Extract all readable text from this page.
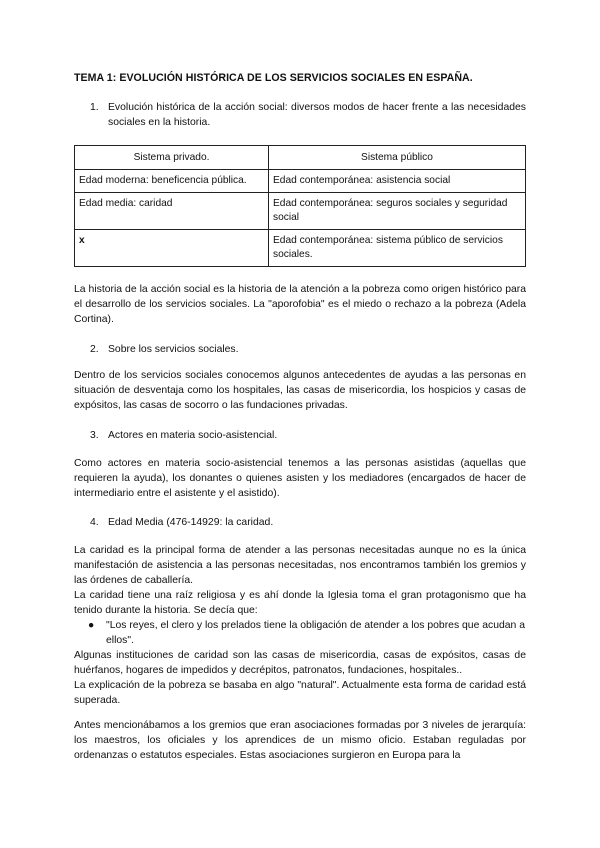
TEMA 1: EVOLUCIÓN HISTÓRICA DE LOS SERVICIOS SOCIALES EN ESPAÑA.
1. Evolución histórica de la acción social: diversos modos de hacer frente a las necesidades sociales en la historia.
Sistema privado.	Sistema público
Edad moderna: beneficencia pública.	Edad contemporánea: asistencia social
Edad media: caridad	Edad contemporánea: seguros sociales y seguridad social
x	Edad contemporánea: sistema público de servicios sociales.
La historia de la acción social es la historia de la atención a la pobreza como origen histórico para el desarrollo de los servicios sociales. La "aporofobia" es el miedo o rechazo a la pobreza (Adela Cortina).
2. Sobre los servicios sociales.
Dentro de los servicios sociales conocemos algunos antecedentes de ayudas a las personas en situación de desventaja como los hospitales, las casas de misericordia, los hospicios y casas de expósitos, las casas de socorro o las fundaciones privadas.
3. Actores en materia socio-asistencial.
Como actores en materia socio-asistencial tenemos a las personas asistidas (aquellas que requieren la ayuda), los donantes o quienes asisten y los mediadores (encargados de hacer de intermediario entre el asistente y el asistido).
4. Edad Media (476-14929: la caridad.
La caridad es la principal forma de atender a las personas necesitadas aunque no es la única manifestación de asistencia a las personas necesitadas, nos encontramos también los gremios y las órdenes de caballería.
La caridad tiene una raíz religiosa y es ahí donde la Iglesia toma el gran protagonismo que ha tenido durante la historia. Se decía que:
● "Los reyes, el clero y los prelados tiene la obligación de atender a los pobres que acudan a ellos".
Algunas instituciones de caridad son las casas de misericordia, casas de expósitos, casas de huérfanos, hogares de impedidos y decrépitos, patronatos, fundaciones, hospitales..
La explicación de la pobreza se basaba en algo "natural". Actualmente esta forma de caridad está superada.
Antes mencionábamos a los gremios que eran asociaciones formadas por 3 niveles de jerarquía: los maestros, los oficiales y los aprendices de un mismo oficio. Estaban reguladas por ordenanzas o estatutos especiales. Estas asociaciones surgieron en Europa para la
